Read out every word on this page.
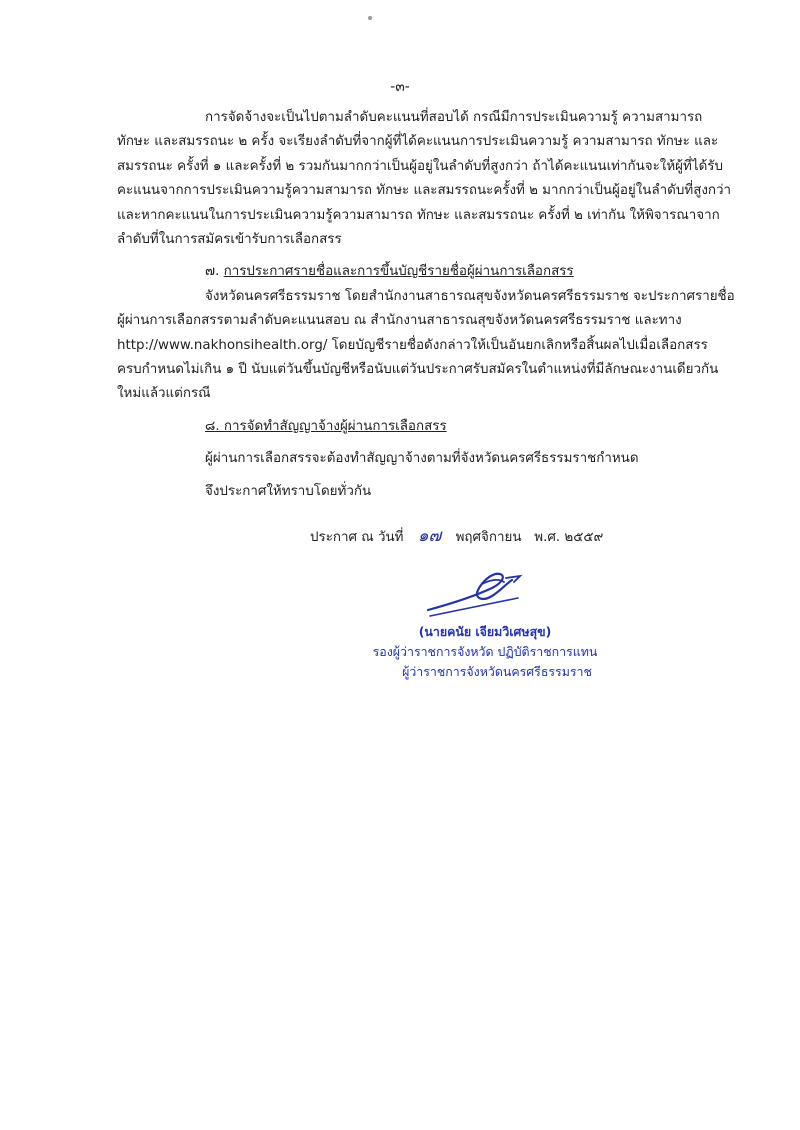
-๓-

การจัดจ้างจะเป็นไปตามลำดับคะแนนที่สอบได้ กรณีมีการประเมินความรู้ ความสามารถ
ทักษะ และสมรรถนะ ๒ ครั้ง จะเรียงลำดับที่จากผู้ที่ได้คะแนนการประเมินความรู้ ความสามารถ ทักษะ และ
สมรรถนะ ครั้งที่ ๑ และครั้งที่ ๒ รวมกันมากกว่าเป็นผู้อยู่ในลำดับที่สูงกว่า ถ้าได้คะแนนเท่ากันจะให้ผู้ที่ได้รับ
คะแนนจากการประเมินความรู้ความสามารถ ทักษะ และสมรรถนะครั้งที่ ๒ มากกว่าเป็นผู้อยู่ในลำดับที่สูงกว่า
และหากคะแนนในการประเมินความรู้ความสามารถ ทักษะ และสมรรถนะ ครั้งที่ ๒ เท่ากัน ให้พิจารณาจาก
ลำดับที่ในการสมัครเข้ารับการเลือกสรร

๗. การประกาศรายชื่อและการขึ้นบัญชีรายชื่อผู้ผ่านการเลือกสรร

จังหวัดนครศรีธรรมราช โดยสำนักงานสาธารณสุขจังหวัดนครศรีธรรมราช จะประกาศรายชื่อ
ผู้ผ่านการเลือกสรรตามลำดับคะแนนสอบ ณ สำนักงานสาธารณสุขจังหวัดนครศรีธรรมราช และทาง
http://www.nakhonsihealth.org/ โดยบัญชีรายชื่อดังกล่าวให้เป็นอันยกเลิกหรือสิ้นผลไปเมื่อเลือกสรร
ครบกำหนดไม่เกิน ๑ ปี นับแต่วันขึ้นบัญชีหรือนับแต่วันประกาศรับสมัครในตำแหน่งที่มีลักษณะงานเดียวกัน
ใหม่แล้วแต่กรณี

๘. การจัดทำสัญญาจ้างผู้ผ่านการเลือกสรร

ผู้ผ่านการเลือกสรรจะต้องทำสัญญาจ้างตามที่จังหวัดนครศรีธรรมราชกำหนด

จึงประกาศให้ทราบโดยทั่วกัน

ประกาศ ณ วันที่ ๑๗ พฤศจิกายน พ.ศ. ๒๕๕๙
(นายคนัย เจียมวิเศษสุข)
รองผู้ว่าราชการจังหวัด ปฏิบัติราชการแทน
ผู้ว่าราชการจังหวัดนครศรีธรรมราช
